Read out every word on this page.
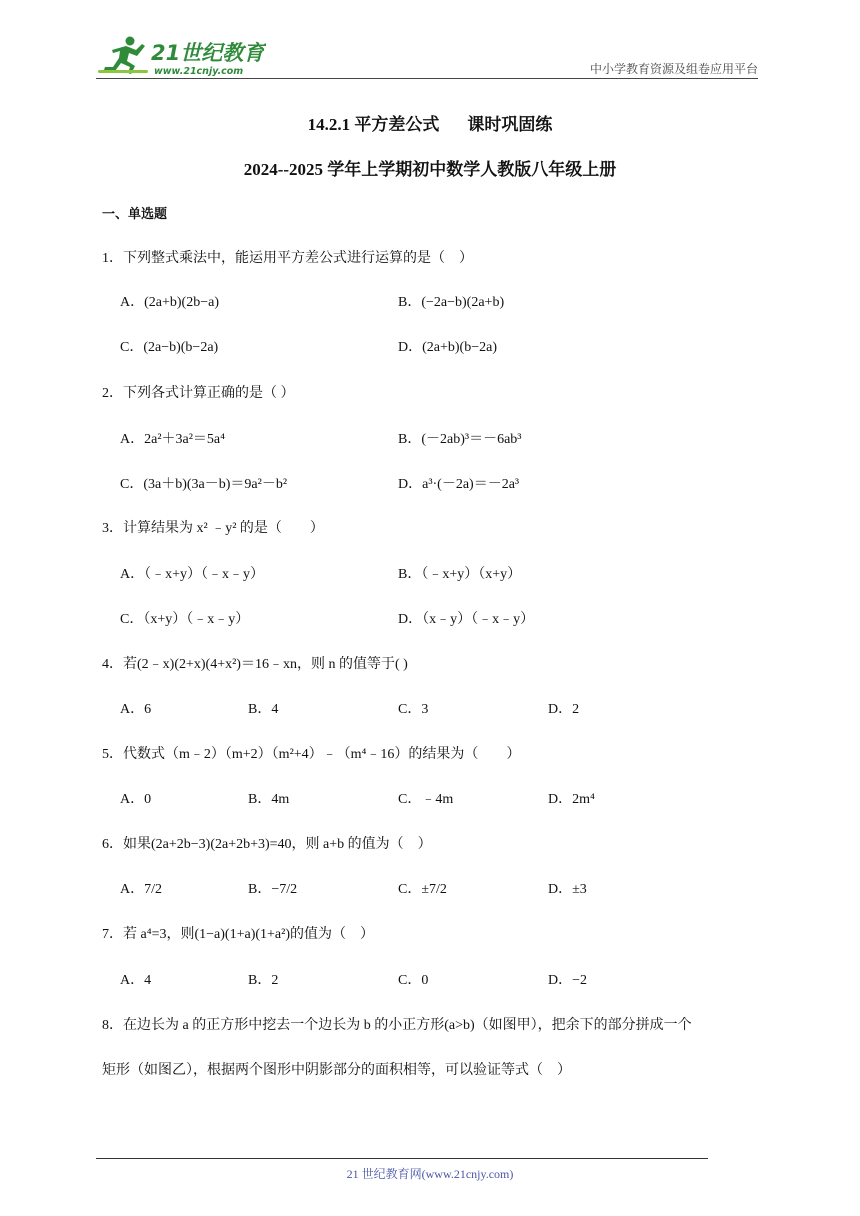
21世纪教育
www.21cnjy.com	中小学教育资源及组卷应用平台
14.2.1 平方差公式 课时巩固练
2024--2025 学年上学期初中数学人教版八年级上册
一、单选题
1．下列整式乘法中，能运用平方差公式进行运算的是（　）
A．(2a+b)(2b−a)	B．(−2a−b)(2a+b)
C．(2a−b)(b−2a)	D．(2a+b)(b−2a)
2．下列各式计算正确的是（ ）
A．2a²＋3a²＝5a⁴	B．(－2ab)³＝－6ab³
C．(3a＋b)(3a－b)＝9a²－b²	D．a³·(－2a)＝－2a³
3．计算结果为 x² ﹣y² 的是（　　）
A．（﹣x+y）（﹣x﹣y）	B．（﹣x+y）（x+y）
C．（x+y）（﹣x﹣y）	D．（x﹣y）（﹣x﹣y）
4．若(2﹣x)(2+x)(4+x²)＝16﹣xn，则 n 的值等于( )
A．6	B．4	C．3	D．2
5．代数式（m﹣2）（m+2）（m²+4）﹣（m⁴﹣16）的结果为（　　）
A．0	B．4m	C．﹣4m	D．2m⁴
6．如果(2a+2b−3)(2a+2b+3)=40，则 a+b 的值为（　）
A．7/2	B．−7/2	C．±7/2	D．±3
7．若 a⁴=3，则(1−a)(1+a)(1+a²)的值为（　）
A．4	B．2	C．0	D．−2
8．在边长为 a 的正方形中挖去一个边长为 b 的小正方形(a>b)（如图甲），把余下的部分拼成一个
矩形（如图乙），根据两个图形中阴影部分的面积相等，可以验证等式（　）
21 世纪教育网(www.21cnjy.com)
